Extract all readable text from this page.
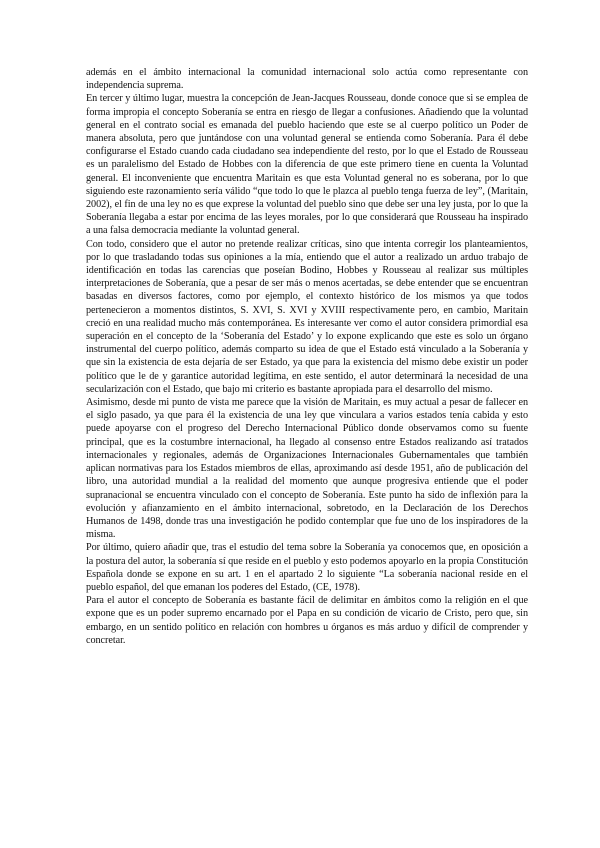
además en el ámbito internacional la comunidad internacional solo actúa como representante con independencia suprema.

En tercer y último lugar, muestra la concepción de Jean-Jacques Rousseau, donde conoce que si se emplea de forma impropia el concepto Soberanía se entra en riesgo de llegar a confusiones. Añadiendo que la voluntad general en el contrato social es emanada del pueblo haciendo que este se al cuerpo político un Poder de manera absoluta, pero que juntándose con una voluntad general se entienda como Soberanía. Para él debe configurarse el Estado cuando cada ciudadano sea independiente del resto, por lo que el Estado de Rousseau es un paralelismo del Estado de Hobbes con la diferencia de que este primero tiene en cuenta la Voluntad general. El inconveniente que encuentra Maritain es que esta Voluntad general no es soberana, por lo que siguiendo este razonamiento sería válido “que todo lo que le plazca al pueblo tenga fuerza de ley”, (Maritain, 2002), el fin de una ley no es que exprese la voluntad del pueblo sino que debe ser una ley justa, por lo que la Soberanía llegaba a estar por encima de las leyes morales, por lo que considerará que Rousseau ha inspirado a una falsa democracia mediante la voluntad general.

Con todo, considero que el autor no pretende realizar críticas, sino que intenta corregir los planteamientos, por lo que trasladando todas sus opiniones a la mía, entiendo que el autor a realizado un arduo trabajo de identificación en todas las carencias que poseían Bodino, Hobbes y Rousseau al realizar sus múltiples interpretaciones de Soberanía, que a pesar de ser más o menos acertadas, se debe entender que se encuentran basadas en diversos factores, como por ejemplo, el contexto histórico de los mismos ya que todos pertenecieron a momentos distintos, S. XVI, S. XVI y XVIII respectivamente pero, en cambio, Maritain creció en una realidad mucho más contemporánea. Es interesante ver como el autor considera primordial esa superación en el concepto de la ‘Soberanía del Estado’ y lo expone explicando que este es solo un órgano instrumental del cuerpo político, además comparto su idea de que el Estado está vinculado a la Soberanía y que sin la existencia de esta dejaría de ser Estado, ya que para la existencia del mismo debe existir un poder político que le de y garantice autoridad legítima, en este sentido, el autor determinará la necesidad de una secularización con el Estado, que bajo mi criterio es bastante apropiada para el desarrollo del mismo.

Asimismo, desde mi punto de vista me parece que la visión de Maritain, es muy actual a pesar de fallecer en el siglo pasado, ya que para él la existencia de una ley que vinculara a varios estados tenía cabida y esto puede apoyarse con el progreso del Derecho Internacional Público donde observamos como su fuente principal, que es la costumbre internacional, ha llegado al consenso entre Estados realizando así tratados internacionales y regionales, además de Organizaciones Internacionales Gubernamentales que también aplican normativas para los Estados miembros de ellas, aproximando así desde 1951, año de publicación del libro, una autoridad mundial a la realidad del momento que aunque progresiva entiende que el poder supranacional se encuentra vinculado con el concepto de Soberanía. Este punto ha sido de inflexión para la evolución y afianzamiento en el ámbito internacional, sobretodo, en la Declaración de los Derechos Humanos de 1498, donde tras una investigación he podido contemplar que fue uno de los inspiradores de la misma.

Por último, quiero añadir que, tras el estudio del tema sobre la Soberanía ya conocemos que, en oposición a la postura del autor, la soberanía sí que reside en el pueblo y esto podemos apoyarlo en la propia Constitución Española donde se expone en su art. 1 en el apartado 2 lo siguiente “La soberanía nacional reside en el pueblo español, del que emanan los poderes del Estado, (CE, 1978).

Para el autor el concepto de Soberanía es bastante fácil de delimitar en ámbitos como la religión en el que expone que es un poder supremo encarnado por el Papa en su condición de vicario de Cristo, pero que, sin embargo, en un sentido político en relación con hombres u órganos es más arduo y difícil de comprender y concretar.
